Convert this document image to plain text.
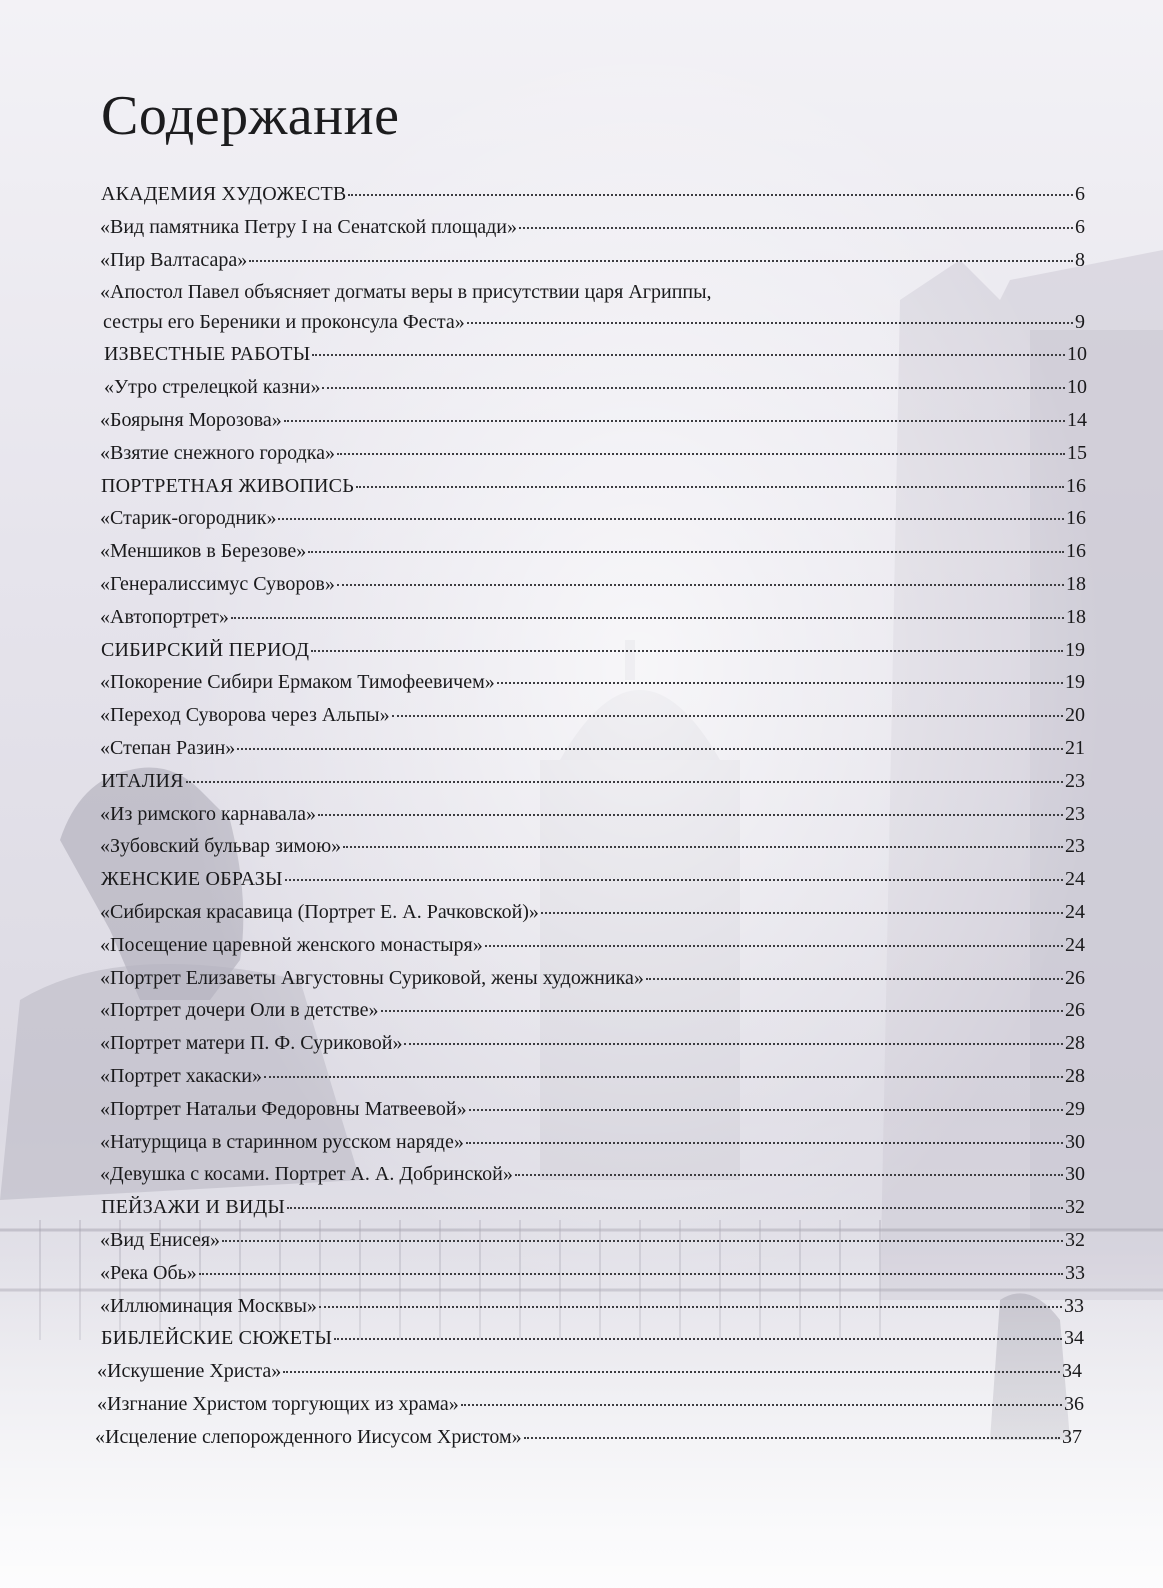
Содержание
АКАДЕМИЯ ХУДОЖЕСТВ	6
«Вид памятника Петру I на Сенатской площади»	6
«Пир Валтасара»	8
«Апостол Павел объясняет догматы веры в присутствии царя Агриппы,
сестры его Береники и проконсула Феста»	9
ИЗВЕСТНЫЕ РАБОТЫ	10
«Утро стрелецкой казни»	10
«Боярыня Морозова»	14
«Взятие снежного городка»	15
ПОРТРЕТНАЯ ЖИВОПИСЬ	16
«Старик-огородник»	16
«Меншиков в Березове»	16
«Генералиссимус Суворов»	18
«Автопортрет»	18
СИБИРСКИЙ ПЕРИОД	19
«Покорение Сибири Ермаком Тимофеевичем»	19
«Переход Суворова через Альпы»	20
«Степан Разин»	21
ИТАЛИЯ	23
«Из римского карнавала»	23
«Зубовский бульвар зимою»	23
ЖЕНСКИЕ ОБРАЗЫ	24
«Сибирская красавица (Портрет Е. А. Рачковской)»	24
«Посещение царевной женского монастыря»	24
«Портрет Елизаветы Августовны Суриковой, жены художника»	26
«Портрет дочери Оли в детстве»	26
«Портрет матери П. Ф. Суриковой»	28
«Портрет хакаски»	28
«Портрет Натальи Федоровны Матвеевой»	29
«Натурщица в старинном русском наряде»	30
«Девушка с косами. Портрет А. А. Добринской»	30
ПЕЙЗАЖИ И ВИДЫ	32
«Вид Енисея»	32
«Река Обь»	33
«Иллюминация Москвы»	33
БИБЛЕЙСКИЕ СЮЖЕТЫ	34
«Искушение Христа»	34
«Изгнание Христом торгующих из храма»	36
«Исцеление слепорожденного Иисусом Христом»	37
